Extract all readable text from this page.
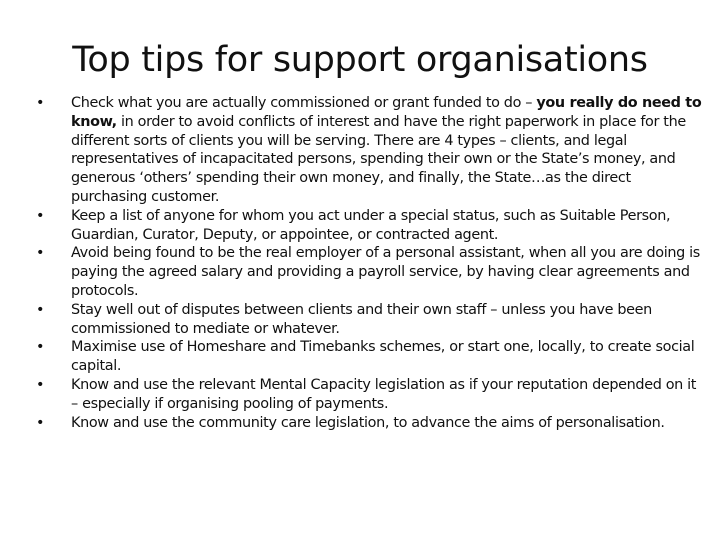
Top tips for support organisations
•	Check what you are actually commissioned or grant funded to do – you really do need to know, in order to avoid conflicts of interest and have the right paperwork in place for the different sorts of clients you will be serving. There are 4 types – clients, and legal representatives of incapacitated persons, spending their own or the State’s money, and generous ‘others’ spending their own money, and finally, the State…as the direct purchasing customer.
•	Keep a list of anyone for whom you act under a special status, such as Suitable Person, Guardian, Curator, Deputy, or appointee, or contracted agent.
•	Avoid being found to be the real employer of a personal assistant, when all you are doing is paying the agreed salary and providing a payroll service, by having clear agreements and protocols.
•	Stay well out of disputes between clients and their own staff – unless you have been commissioned to mediate or whatever.
•	Maximise use of Homeshare and Timebanks schemes, or start one, locally, to create social capital.
•	Know and use the relevant Mental Capacity legislation as if your reputation depended on it – especially if organising pooling of payments.
•	Know and use the community care legislation, to advance the aims of personalisation.
